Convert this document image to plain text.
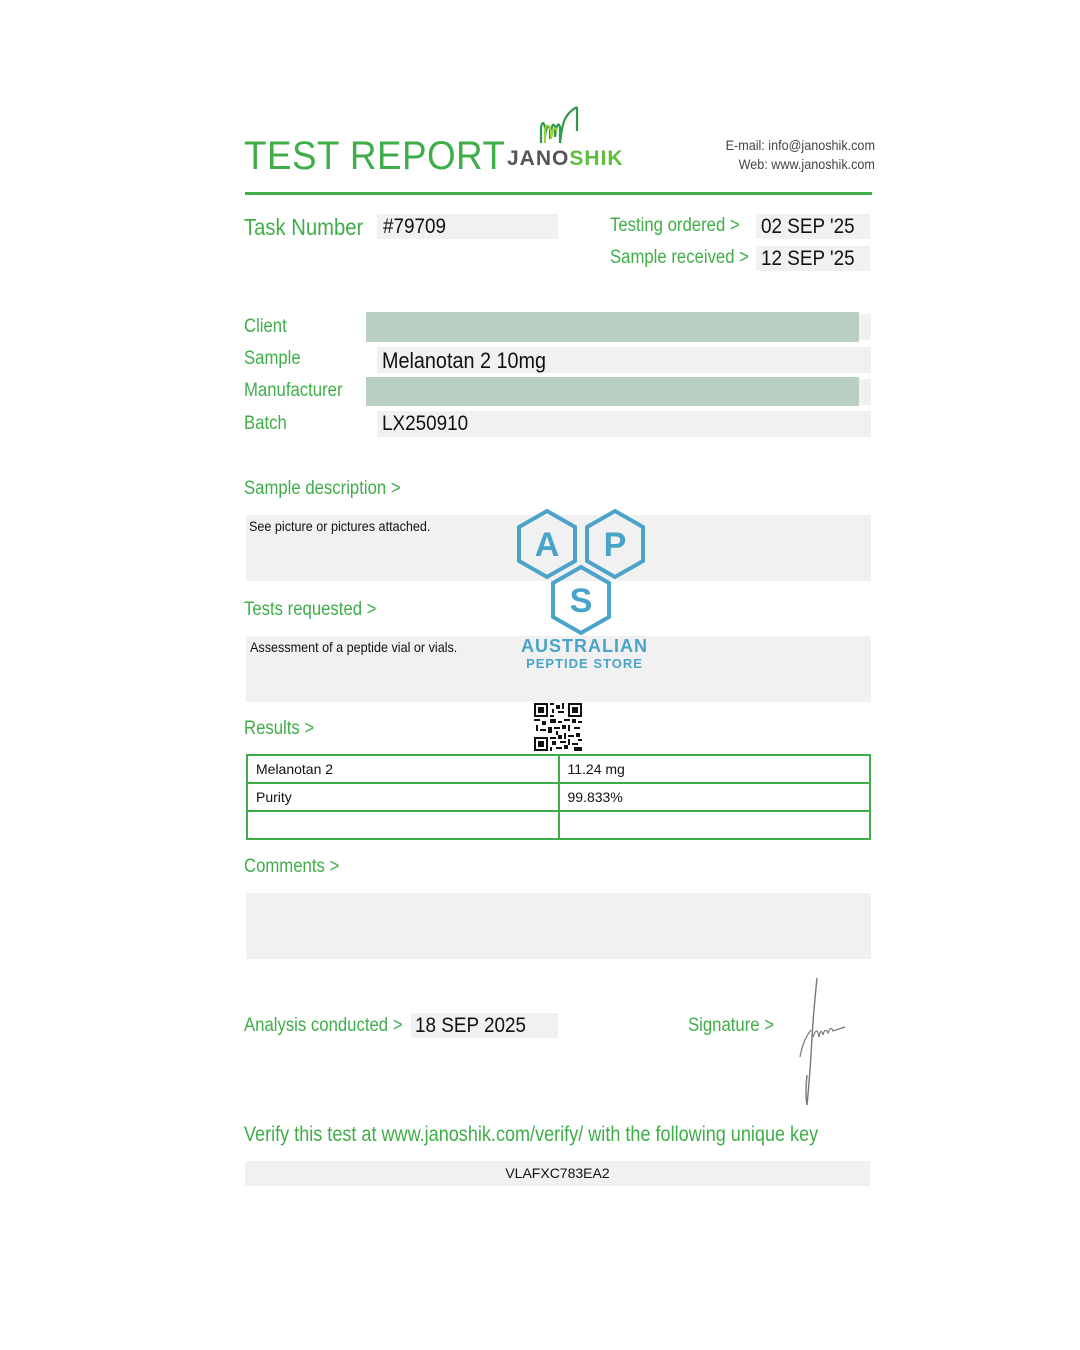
TEST REPORT JANOSHIK
E-mail: info@janoshik.com
Web: www.janoshik.com
Task Number #79709	Testing ordered > 02 SEP '25
Sample received > 12 SEP '25
Client
Sample	Melanotan 2 10mg
Manufacturer
Batch	LX250910
Sample description >
See picture or pictures attached.
Tests requested >
Assessment of a peptide vial or vials.
A P
S
AUSTRALIAN
PEPTIDE STORE
Results >
Melanotan 2	11.24 mg
Purity	99.833%

Comments >
Analysis conducted > 18 SEP 2025	Signature >
Verify this test at www.janoshik.com/verify/ with the following unique key
VLAFXC783EA2
